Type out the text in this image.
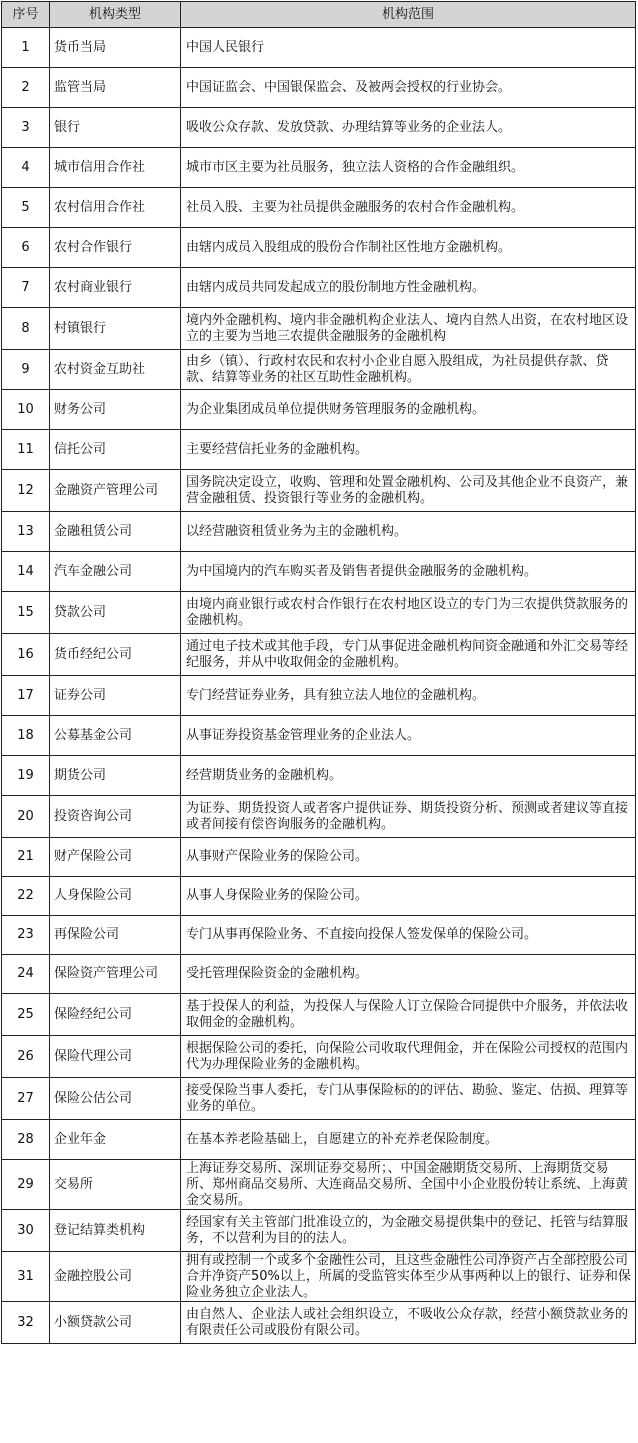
序号	机构类型	机构范围
1	货币当局	中国人民银行
2	监管当局	中国证监会、中国银保监会、及被两会授权的行业协会。
3	银行	吸收公众存款、发放贷款、办理结算等业务的企业法人。
4	城市信用合作社	城市市区主要为社员服务，独立法人资格的合作金融组织。
5	农村信用合作社	社员入股、主要为社员提供金融服务的农村合作金融机构。
6	农村合作银行	由辖内成员入股组成的股份合作制社区性地方金融机构。
7	农村商业银行	由辖内成员共同发起成立的股份制地方性金融机构。
8	村镇银行	境内外金融机构、境内非金融机构企业法人、境内自然人出资，在农村地区设立的主要为当地三农提供金融服务的金融机构
9	农村资金互助社	由乡（镇）、行政村农民和农村小企业自愿入股组成，为社员提供存款、贷款、结算等业务的社区互助性金融机构。
10	财务公司	为企业集团成员单位提供财务管理服务的金融机构。
11	信托公司	主要经营信托业务的金融机构。
12	金融资产管理公司	国务院决定设立，收购、管理和处置金融机构、公司及其他企业不良资产，兼营金融租赁、投资银行等业务的金融机构。
13	金融租赁公司	以经营融资租赁业务为主的金融机构。
14	汽车金融公司	为中国境内的汽车购买者及销售者提供金融服务的金融机构。
15	贷款公司	由境内商业银行或农村合作银行在农村地区设立的专门为三农提供贷款服务的金融机构。
16	货币经纪公司	通过电子技术或其他手段，专门从事促进金融机构间资金融通和外汇交易等经纪服务，并从中收取佣金的金融机构。
17	证券公司	专门经营证券业务，具有独立法人地位的金融机构。
18	公募基金公司	从事证券投资基金管理业务的企业法人。
19	期货公司	经营期货业务的金融机构。
20	投资咨询公司	为证券、期货投资人或者客户提供证券、期货投资分析、预测或者建议等直接或者间接有偿咨询服务的金融机构。
21	财产保险公司	从事财产保险业务的保险公司。
22	人身保险公司	从事人身保险业务的保险公司。
23	再保险公司	专门从事再保险业务、不直接向投保人签发保单的保险公司。
24	保险资产管理公司	受托管理保险资金的金融机构。
25	保险经纪公司	基于投保人的利益，为投保人与保险人订立保险合同提供中介服务，并依法收取佣金的金融机构。
26	保险代理公司	根据保险公司的委托，向保险公司收取代理佣金，并在保险公司授权的范围内代为办理保险业务的金融机构。
27	保险公估公司	接受保险当事人委托，专门从事保险标的的评估、勘验、鉴定、估损、理算等业务的单位。
28	企业年金	在基本养老险基础上，自愿建立的补充养老保险制度。
29	交易所	上海证券交易所、深圳证券交易所；、中国金融期货交易所、上海期货交易所、郑州商品交易所、大连商品交易所、全国中小企业股份转让系统、上海黄金交易所。
30	登记结算类机构	经国家有关主管部门批准设立的，为金融交易提供集中的登记、托管与结算服务，不以营利为目的的法人。
31	金融控股公司	拥有或控制一个或多个金融性公司，且这些金融性公司净资产占全部控股公司合并净资产50%以上，所属的受监管实体至少从事两种以上的银行、证券和保险业务独立企业法人。
32	小额贷款公司	由自然人、企业法人或社会组织设立，不吸收公众存款，经营小额贷款业务的有限责任公司或股份有限公司。
